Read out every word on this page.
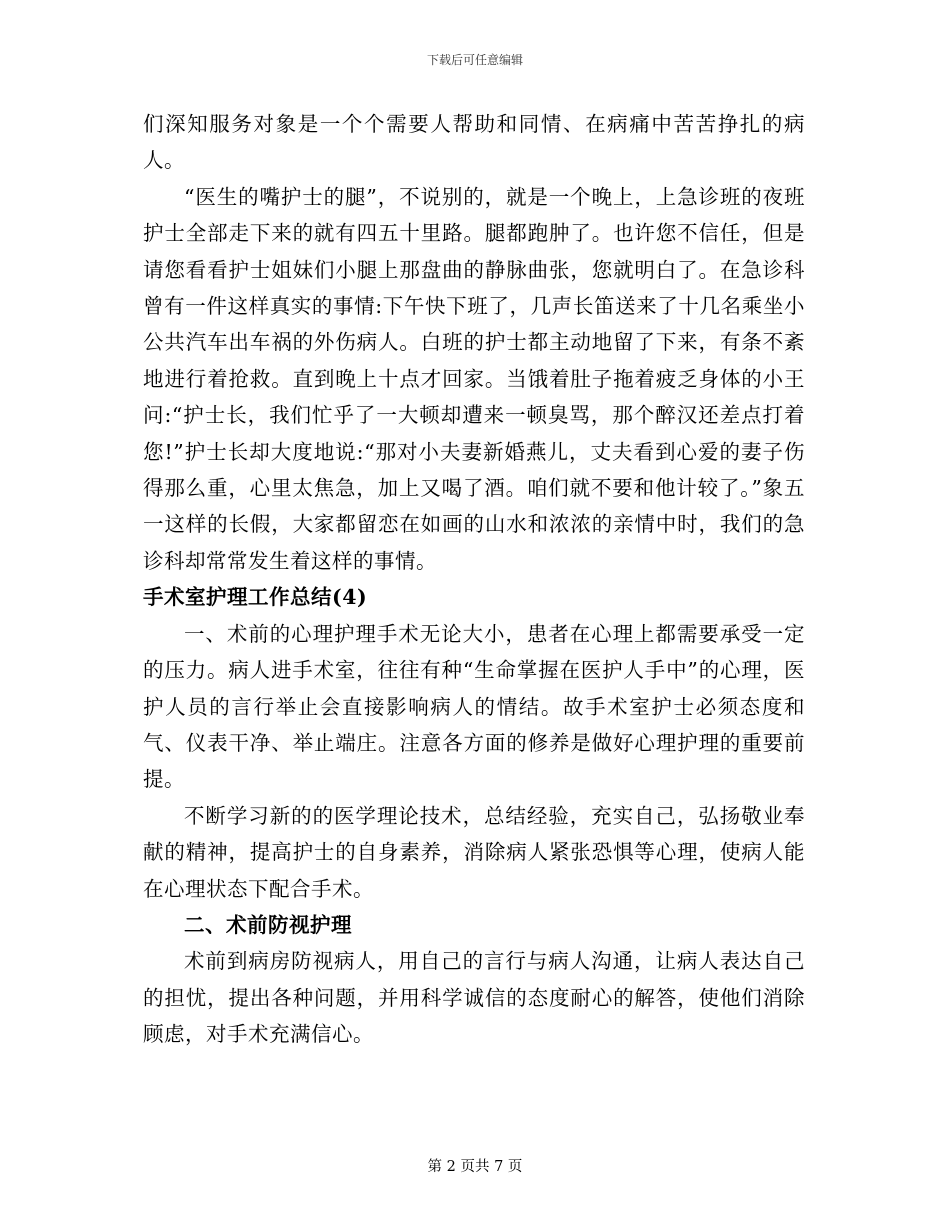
下载后可任意编辑

们深知服务对象是一个个需要人帮助和同情、在病痛中苦苦挣扎的病人。

“医生的嘴护士的腿”，不说别的，就是一个晚上，上急诊班的夜班护士全部走下来的就有四五十里路。腿都跑肿了。也许您不信任，但是请您看看护士姐妹们小腿上那盘曲的静脉曲张，您就明白了。在急诊科曾有一件这样真实的事情:下午快下班了，几声长笛送来了十几名乘坐小公共汽车出车祸的外伤病人。白班的护士都主动地留了下来，有条不紊地进行着抢救。直到晚上十点才回家。当饿着肚子拖着疲乏身体的小王问:“护士长，我们忙乎了一大顿却遭来一顿臭骂，那个醉汉还差点打着您!”护士长却大度地说:“那对小夫妻新婚燕儿，丈夫看到心爱的妻子伤得那么重，心里太焦急，加上又喝了酒。咱们就不要和他计较了。”象五一这样的长假，大家都留恋在如画的山水和浓浓的亲情中时，我们的急诊科却常常发生着这样的事情。

手术室护理工作总结(4)

一、术前的心理护理手术无论大小，患者在心理上都需要承受一定的压力。病人进手术室，往往有种“生命掌握在医护人手中”的心理，医护人员的言行举止会直接影响病人的情结。故手术室护士必须态度和气、仪表干净、举止端庄。注意各方面的修养是做好心理护理的重要前提。

不断学习新的的医学理论技术，总结经验，充实自己，弘扬敬业奉献的精神，提高护士的自身素养，消除病人紧张恐惧等心理，使病人能在心理状态下配合手术。

二、术前防视护理

术前到病房防视病人，用自己的言行与病人沟通，让病人表达自己的担忧，提出各种问题，并用科学诚信的态度耐心的解答，使他们消除顾虑，对手术充满信心。

第 2 页共 7 页
